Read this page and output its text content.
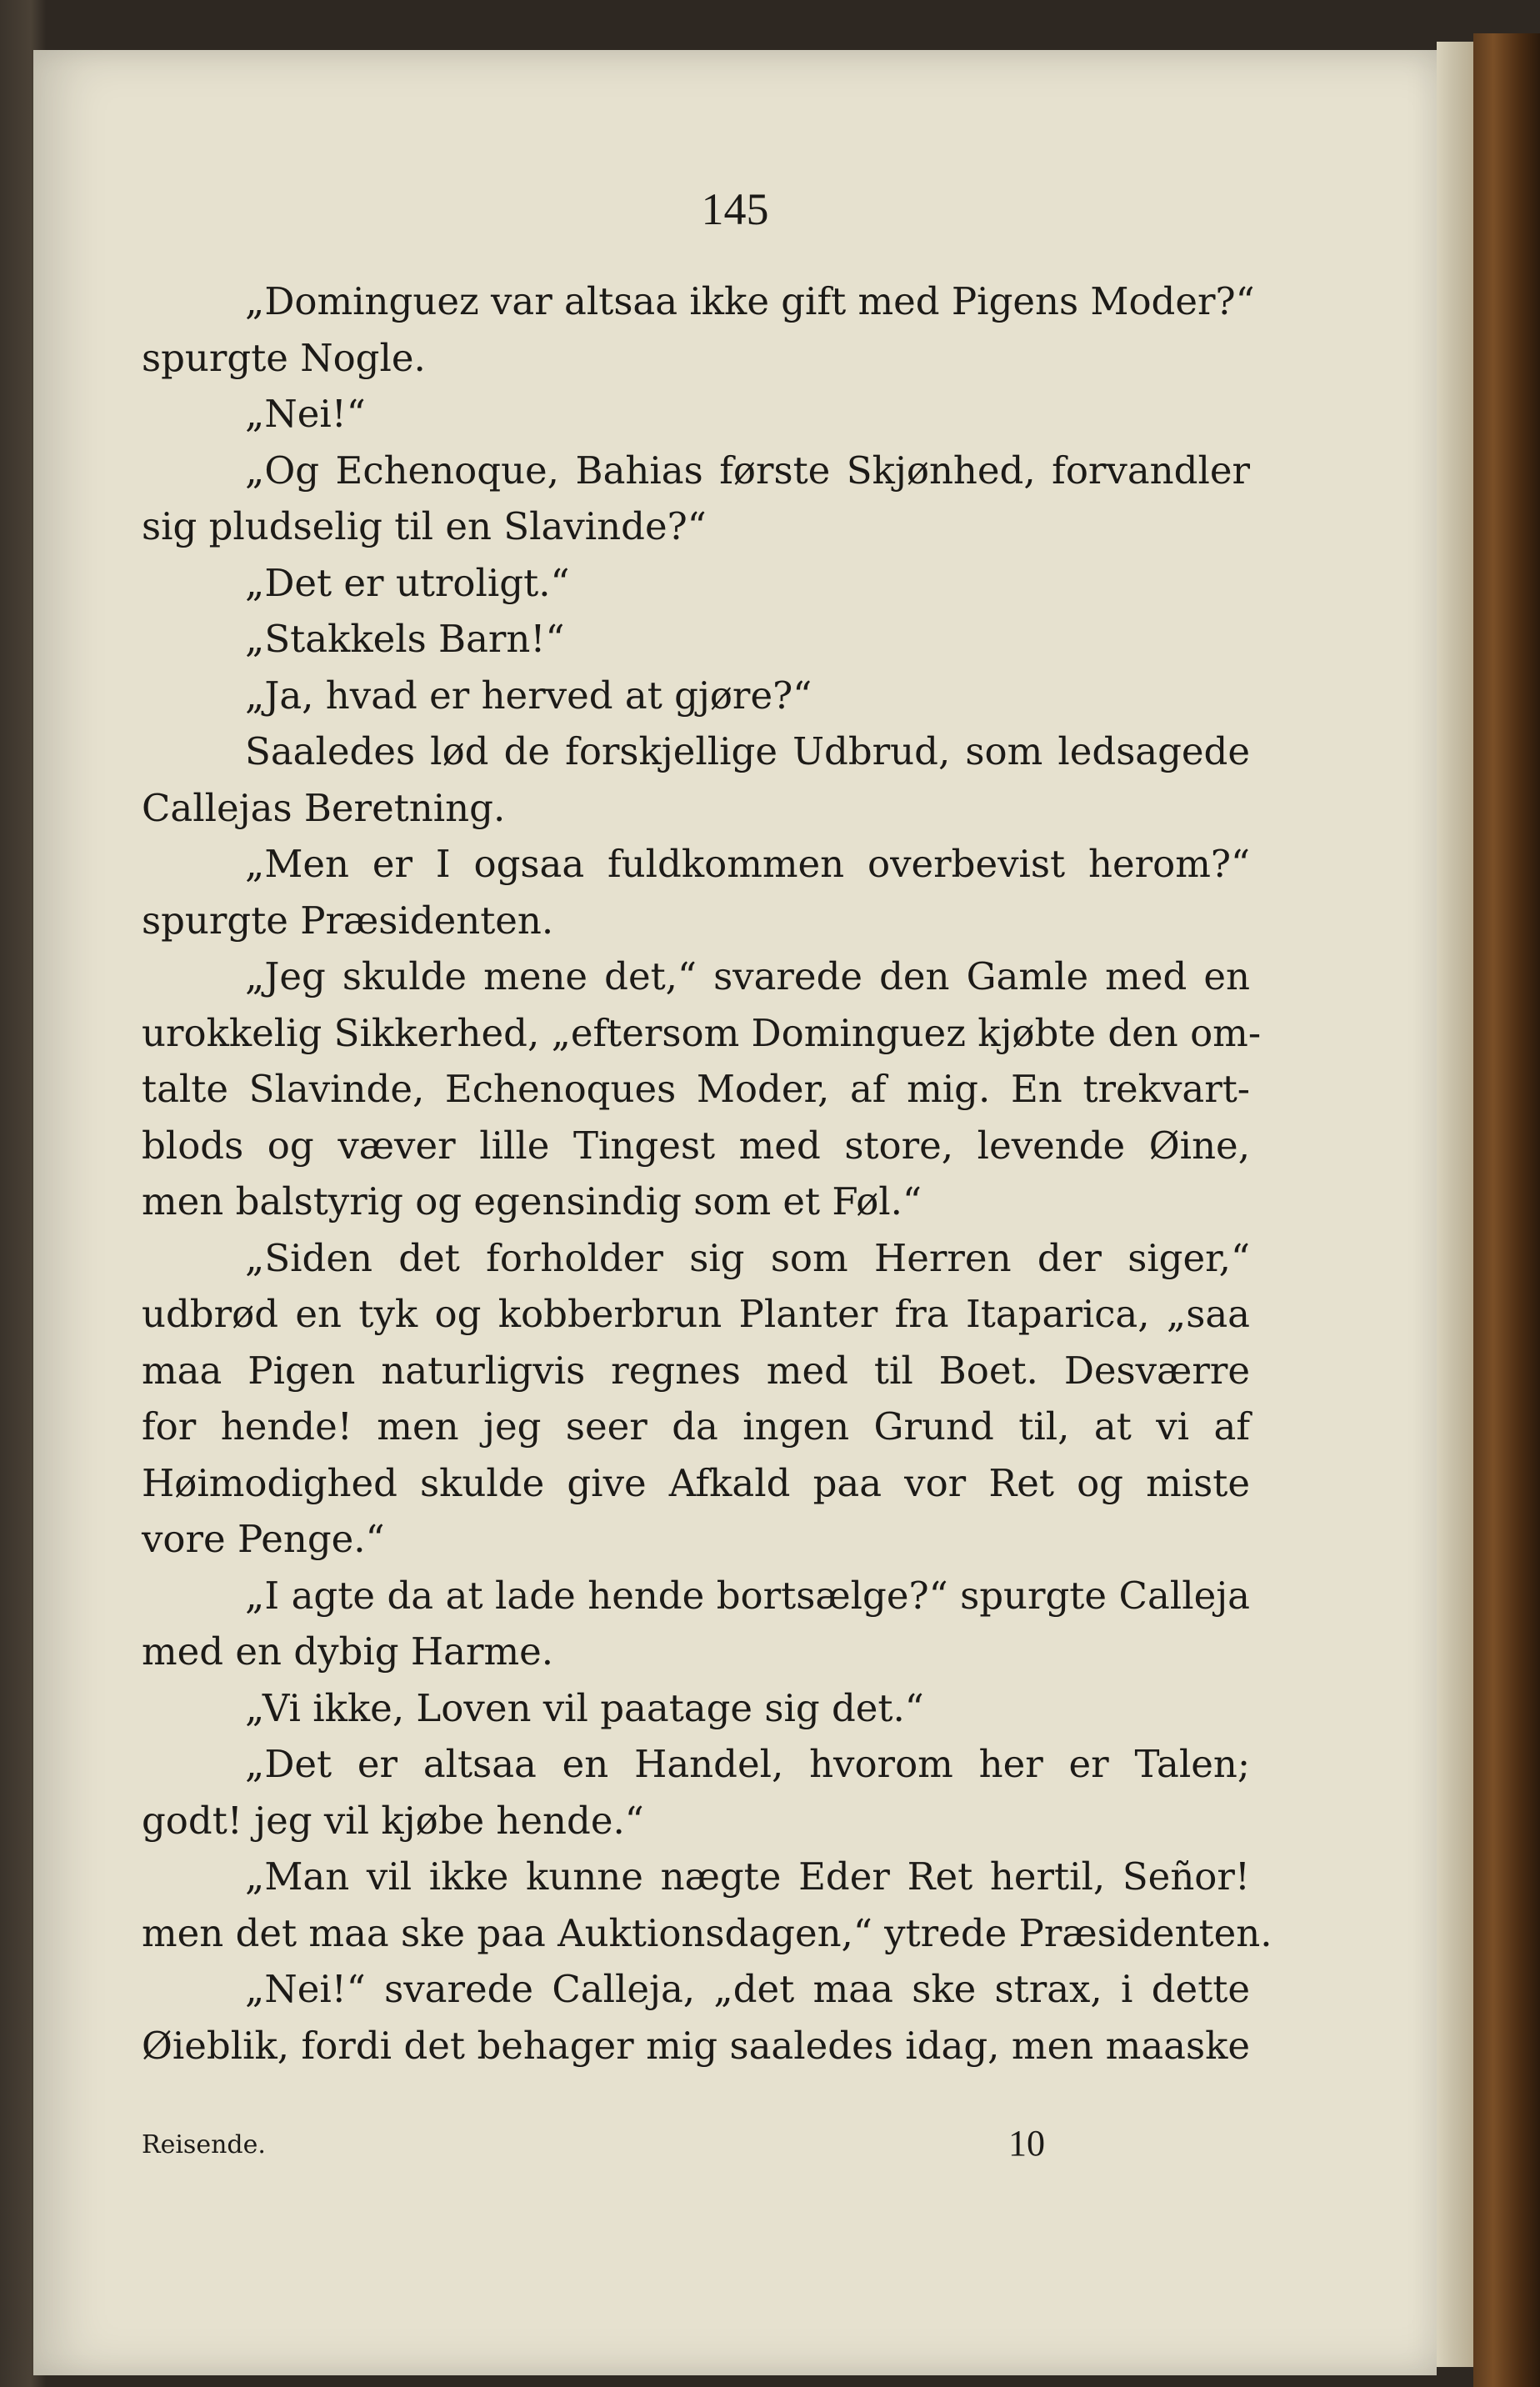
145
„Dominguez var altsaa ikke gift med Pigens Moder?“
spurgte Nogle.
„Nei!“
„Og Echenoque, Bahias første Skjønhed, forvandler
sig pludselig til en Slavinde?“
„Det er utroligt.“
„Stakkels Barn!“
„Ja, hvad er herved at gjøre?“
Saaledes lød de forskjellige Udbrud, som ledsagede
Callejas Beretning.
„Men er I ogsaa fuldkommen overbevist herom?“
spurgte Præsidenten.
„Jeg skulde mene det,“ svarede den Gamle med en
urokkelig Sikkerhed, „eftersom Dominguez kjøbte den om-
talte Slavinde, Echenoques Moder, af mig. En trekvart-
blods og væver lille Tingest med store, levende Øine,
men balstyrig og egensindig som et Føl.“
„Siden det forholder sig som Herren der siger,“
udbrød en tyk og kobberbrun Planter fra Itaparica, „saa
maa Pigen naturligvis regnes med til Boet. Desværre
for hende! men jeg seer da ingen Grund til, at vi af
Høimodighed skulde give Afkald paa vor Ret og miste
vore Penge.“
„I agte da at lade hende bortsælge?“ spurgte Calleja
med en dybig Harme.
„Vi ikke, Loven vil paatage sig det.“
„Det er altsaa en Handel, hvorom her er Talen;
godt! jeg vil kjøbe hende.“
„Man vil ikke kunne nægte Eder Ret hertil, Señor!
men det maa ske paa Auktionsdagen,“ ytrede Præsidenten.
„Nei!“ svarede Calleja, „det maa ske strax, i dette
Øieblik, fordi det behager mig saaledes idag, men maaske
Reisende.	10
